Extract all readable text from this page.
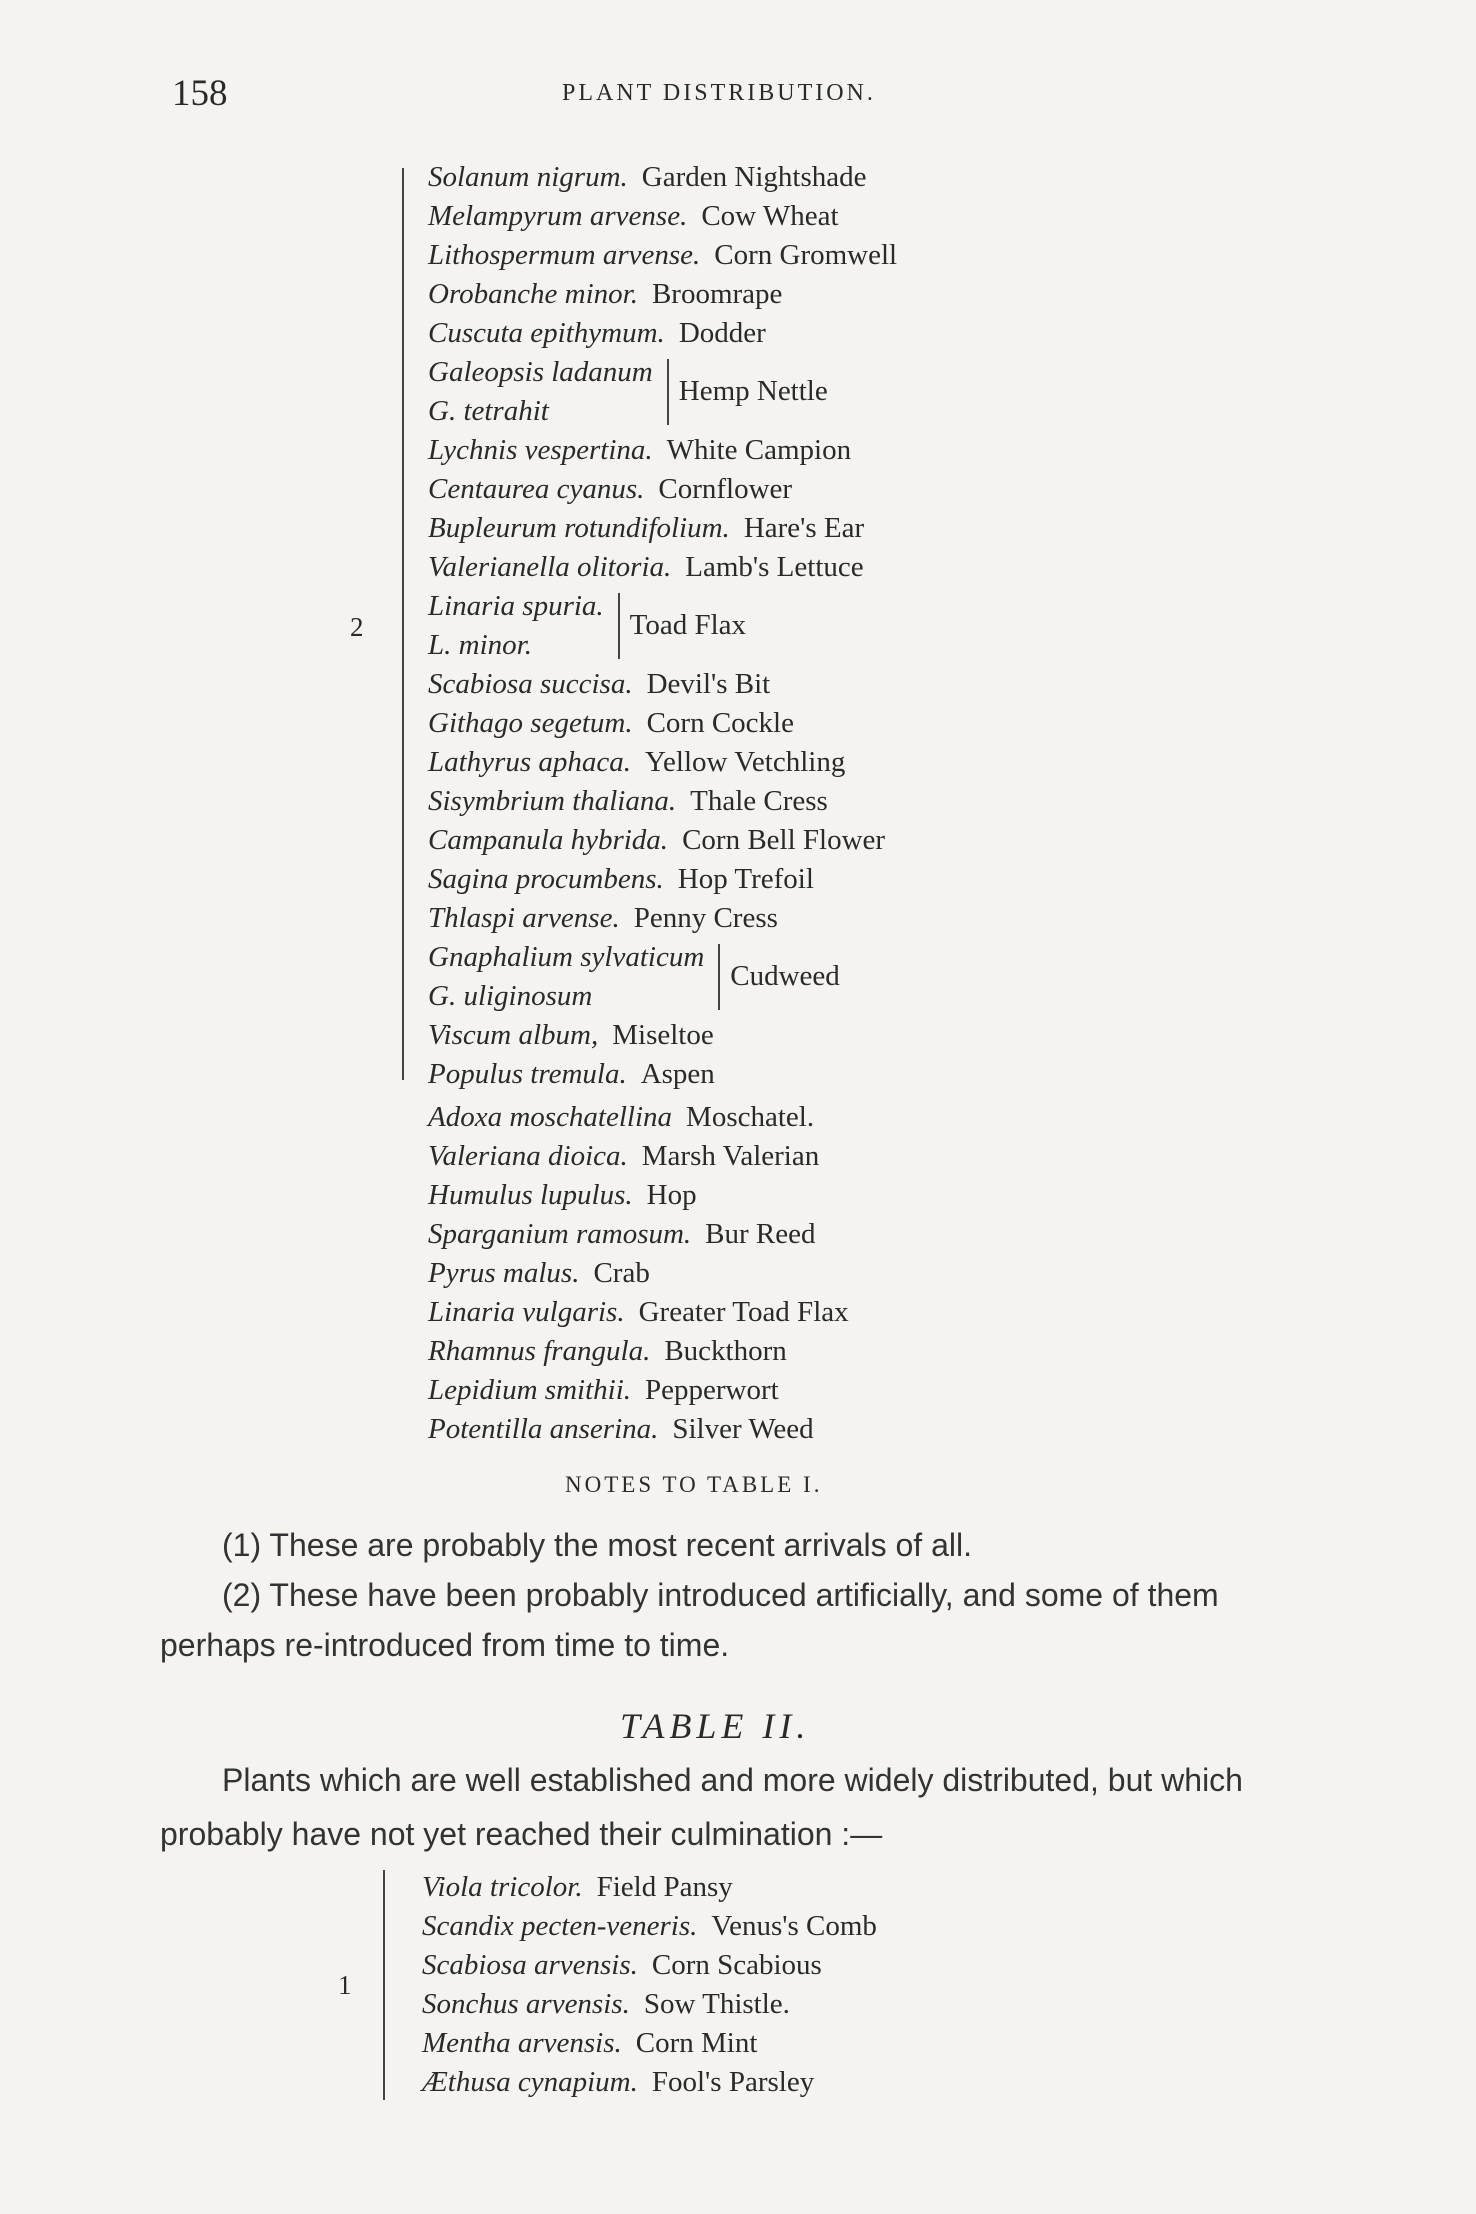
158	PLANT DISTRIBUTION.
2
Solanum nigrum. Garden Nightshade
Melampyrum arvense. Cow Wheat
Lithospermum arvense. Corn Gromwell
Orobanche minor. Broomrape
Cuscuta epithymum. Dodder
Galeopsis ladanum
G. tetrahit
Hemp Nettle
Lychnis vespertina. White Campion
Centaurea cyanus. Cornflower
Bupleurum rotundifolium. Hare's Ear
Valerianella olitoria. Lamb's Lettuce
Linaria spuria.
L. minor.
Toad Flax
Scabiosa succisa. Devil's Bit
Githago segetum. Corn Cockle
Lathyrus aphaca. Yellow Vetchling
Sisymbrium thaliana. Thale Cress
Campanula hybrida. Corn Bell Flower
Sagina procumbens. Hop Trefoil
Thlaspi arvense. Penny Cress
Gnaphalium sylvaticum
G. uliginosum
Cudweed
Viscum album, Miseltoe
Populus tremula. Aspen
Adoxa moschatellina Moschatel.
Valeriana dioica. Marsh Valerian
Humulus lupulus. Hop
Sparganium ramosum. Bur Reed
Pyrus malus. Crab
Linaria vulgaris. Greater Toad Flax
Rhamnus frangula. Buckthorn
Lepidium smithii. Pepperwort
Potentilla anserina. Silver Weed
NOTES TO TABLE I.
(1) These are probably the most recent arrivals of all.
(2) These have been probably introduced artificially, and some of them perhaps re-introduced from time to time.
TABLE II.
Plants which are well established and more widely distributed, but which probably have not yet reached their culmination :—
1
Viola tricolor. Field Pansy
Scandix pecten-veneris. Venus's Comb
Scabiosa arvensis. Corn Scabious
Sonchus arvensis. Sow Thistle.
Mentha arvensis. Corn Mint
Æthusa cynapium. Fool's Parsley
